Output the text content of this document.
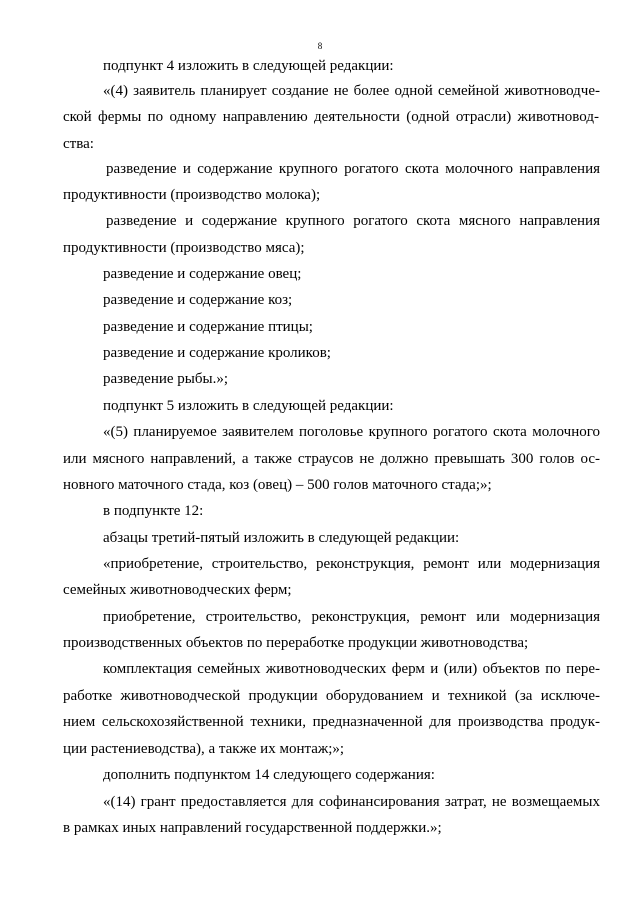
8
подпункт 4 изложить в следующей редакции:
«(4) заявитель планирует создание не более одной семейной животноводче-
ской фермы по одному направлению деятельности (одной отрасли) животновод-
ства:
разведение и содержание крупного рогатого скота молочного направления
продуктивности (производство молока);
разведение и содержание крупного рогатого скота мясного направления
продуктивности (производство мяса);
разведение и содержание овец;
разведение и содержание коз;
разведение и содержание птицы;
разведение и содержание кроликов;
разведение рыбы.»;
подпункт 5 изложить в следующей редакции:
«(5) планируемое заявителем поголовье крупного рогатого скота молочного
или мясного направлений, а также страусов не должно превышать 300 голов ос-
новного маточного стада, коз (овец) – 500 голов маточного стада;»;
в подпункте 12:
абзацы третий-пятый изложить в следующей редакции:
«приобретение, строительство, реконструкция, ремонт или модернизация
семейных животноводческих ферм;
приобретение, строительство, реконструкция, ремонт или модернизация
производственных объектов по переработке продукции животноводства;
комплектация семейных животноводческих ферм и (или) объектов по пере-
работке животноводческой продукции оборудованием и техникой (за исключе-
нием сельскохозяйственной техники, предназначенной для производства продук-
ции растениеводства), а также их монтаж;»;
дополнить подпунктом 14 следующего содержания:
«(14) грант предоставляется для софинансирования затрат, не возмещаемых
в рамках иных направлений государственной поддержки.»;
